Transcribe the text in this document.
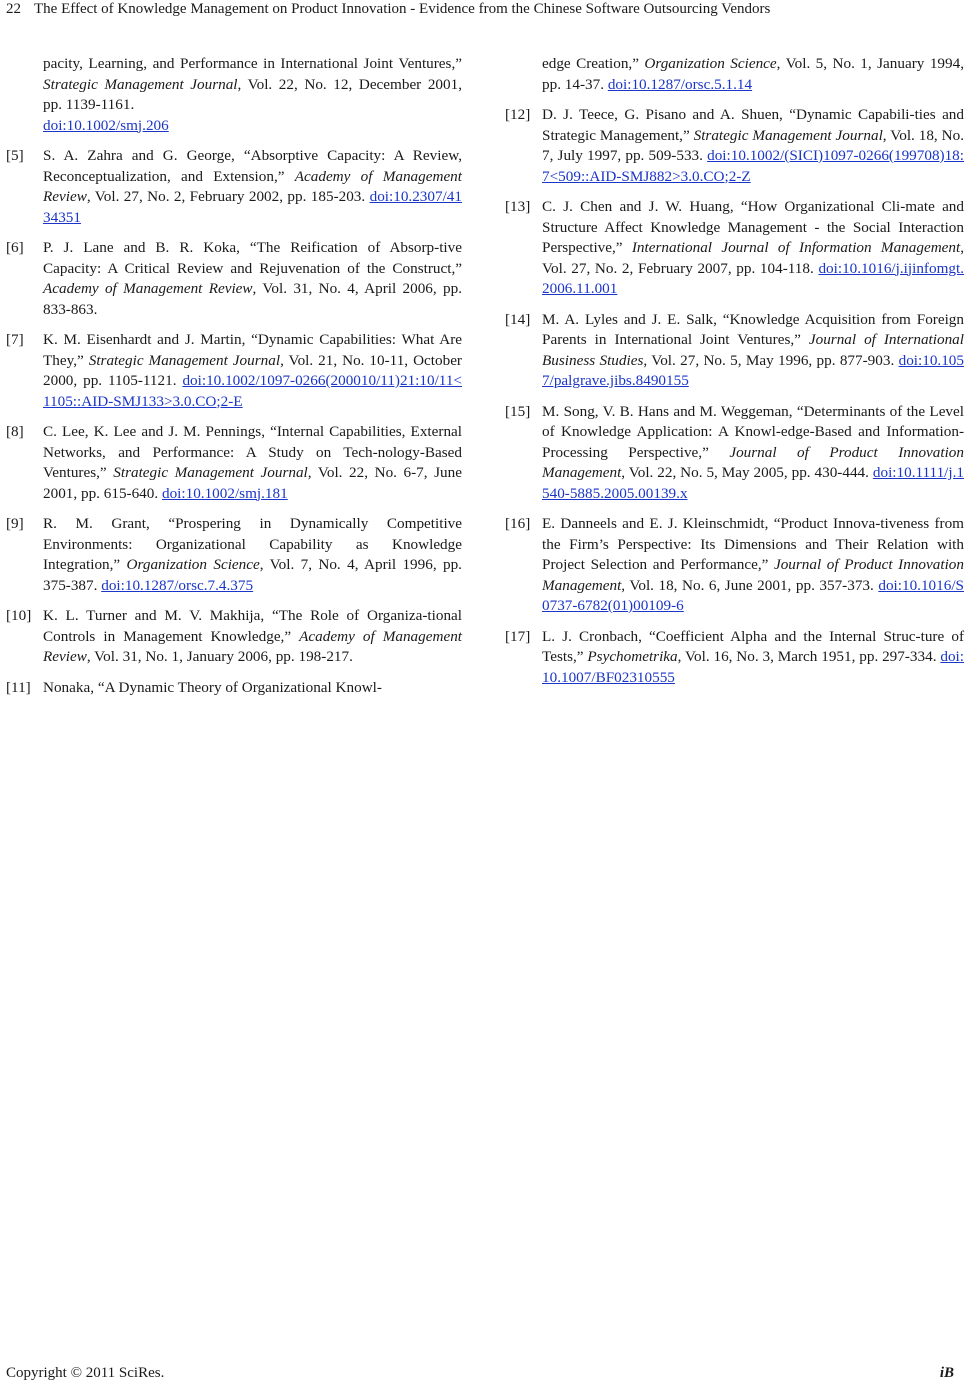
22 The Effect of Knowledge Management on Product Innovation - Evidence from the Chinese Software Outsourcing Vendors
pacity, Learning, and Performance in International Joint Ventures,” Strategic Management Journal, Vol. 22, No. 12, December 2001, pp. 1139-1161.
doi:10.1002/smj.206
[5] S. A. Zahra and G. George, “Absorptive Capacity: A Review, Reconceptualization, and Extension,” Academy of Management Review, Vol. 27, No. 2, February 2002, pp. 185-203. doi:10.2307/4134351
[6] P. J. Lane and B. R. Koka, “The Reification of Absorp-tive Capacity: A Critical Review and Rejuvenation of the Construct,” Academy of Management Review, Vol. 31, No. 4, April 2006, pp. 833-863.
[7] K. M. Eisenhardt and J. Martin, “Dynamic Capabilities: What Are They,” Strategic Management Journal, Vol. 21, No. 10-11, October 2000, pp. 1105-1121. doi:10.1002/1097-0266(200010/11)21:10/11<1105::AID-SMJ133>3.0.CO;2-E
[8] C. Lee, K. Lee and J. M. Pennings, “Internal Capabilities, External Networks, and Performance: A Study on Tech-nology-Based Ventures,” Strategic Management Journal, Vol. 22, No. 6-7, June 2001, pp. 615-640. doi:10.1002/smj.181
[9] R. M. Grant, “Prospering in Dynamically Competitive Environments: Organizational Capability as Knowledge Integration,” Organization Science, Vol. 7, No. 4, April 1996, pp. 375-387. doi:10.1287/orsc.7.4.375
[10] K. L. Turner and M. V. Makhija, “The Role of Organiza-tional Controls in Management Knowledge,” Academy of Management Review, Vol. 31, No. 1, January 2006, pp. 198-217.
[11] Nonaka, “A Dynamic Theory of Organizational Knowl-
edge Creation,” Organization Science, Vol. 5, No. 1, January 1994, pp. 14-37. doi:10.1287/orsc.5.1.14
[12] D. J. Teece, G. Pisano and A. Shuen, “Dynamic Capabili-ties and Strategic Management,” Strategic Management Journal, Vol. 18, No. 7, July 1997, pp. 509-533. doi:10.1002/(SICI)1097-0266(199708)18:7<509::AID-SMJ882>3.0.CO;2-Z
[13] C. J. Chen and J. W. Huang, “How Organizational Cli-mate and Structure Affect Knowledge Management - the Social Interaction Perspective,” International Journal of Information Management, Vol. 27, No. 2, February 2007, pp. 104-118. doi:10.1016/j.ijinfomgt.2006.11.001
[14] M. A. Lyles and J. E. Salk, “Knowledge Acquisition from Foreign Parents in International Joint Ventures,” Journal of International Business Studies, Vol. 27, No. 5, May 1996, pp. 877-903. doi:10.1057/palgrave.jibs.8490155
[15] M. Song, V. B. Hans and M. Weggeman, “Determinants of the Level of Knowledge Application: A Knowl-edge-Based and Information-Processing Perspective,” Journal of Product Innovation Management, Vol. 22, No. 5, May 2005, pp. 430-444. doi:10.1111/j.1540-5885.2005.00139.x
[16] E. Danneels and E. J. Kleinschmidt, “Product Innova-tiveness from the Firm’s Perspective: Its Dimensions and Their Relation with Project Selection and Performance,” Journal of Product Innovation Management, Vol. 18, No. 6, June 2001, pp. 357-373. doi:10.1016/S0737-6782(01)00109-6
[17] L. J. Cronbach, “Coefficient Alpha and the Internal Struc-ture of Tests,” Psychometrika, Vol. 16, No. 3, March 1951, pp. 297-334. doi:10.1007/BF02310555
Copyright © 2011 SciRes.	iB
